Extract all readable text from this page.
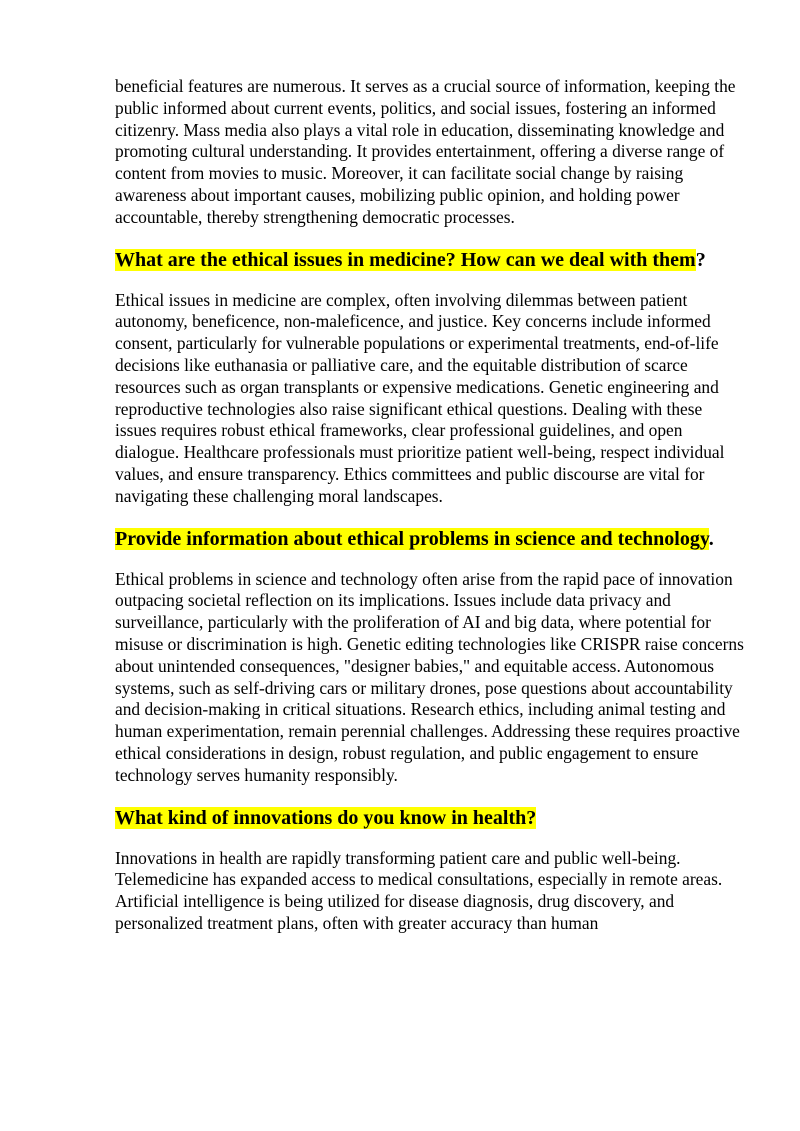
beneficial features are numerous. It serves as a crucial source of information, keeping the public informed about current events, politics, and social issues, fostering an informed citizenry. Mass media also plays a vital role in education, disseminating knowledge and promoting cultural understanding. It provides entertainment, offering a diverse range of content from movies to music. Moreover, it can facilitate social change by raising awareness about important causes, mobilizing public opinion, and holding power accountable, thereby strengthening democratic processes.

What are the ethical issues in medicine? How can we deal with them?

Ethical issues in medicine are complex, often involving dilemmas between patient autonomy, beneficence, non-maleficence, and justice. Key concerns include informed consent, particularly for vulnerable populations or experimental treatments, end-of-life decisions like euthanasia or palliative care, and the equitable distribution of scarce resources such as organ transplants or expensive medications. Genetic engineering and reproductive technologies also raise significant ethical questions. Dealing with these issues requires robust ethical frameworks, clear professional guidelines, and open dialogue. Healthcare professionals must prioritize patient well-being, respect individual values, and ensure transparency. Ethics committees and public discourse are vital for navigating these challenging moral landscapes.

Provide information about ethical problems in science and technology.

Ethical problems in science and technology often arise from the rapid pace of innovation outpacing societal reflection on its implications. Issues include data privacy and surveillance, particularly with the proliferation of AI and big data, where potential for misuse or discrimination is high. Genetic editing technologies like CRISPR raise concerns about unintended consequences, "designer babies," and equitable access. Autonomous systems, such as self-driving cars or military drones, pose questions about accountability and decision-making in critical situations. Research ethics, including animal testing and human experimentation, remain perennial challenges. Addressing these requires proactive ethical considerations in design, robust regulation, and public engagement to ensure technology serves humanity responsibly.

What kind of innovations do you know in health?

Innovations in health are rapidly transforming patient care and public well-being. Telemedicine has expanded access to medical consultations, especially in remote areas. Artificial intelligence is being utilized for disease diagnosis, drug discovery, and personalized treatment plans, often with greater accuracy than human
